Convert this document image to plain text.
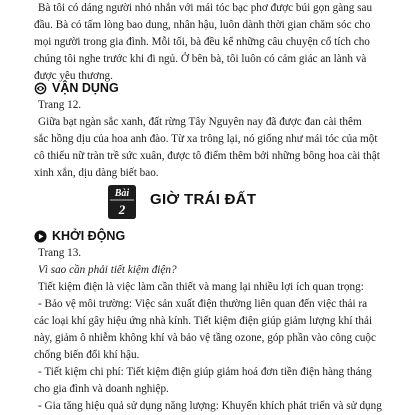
Bà tôi có dáng người nhỏ nhắn với mái tóc bạc phơ được búi gọn gàng sau
đầu. Bà có tấm lòng bao dung, nhân hậu, luôn dành thời gian chăm sóc cho
mọi người trong gia đình. Mỗi tối, bà đều kể những câu chuyện cổ tích cho
chúng tôi nghe trước khi đi ngủ. Ở bên bà, tôi luôn có cảm giác an lành và
được yêu thương.
VẬN DỤNG
Trang 12.
Giữa bạt ngàn sắc xanh, đất rừng Tây Nguyên nay đã được đan cài thêm
sắc hồng dịu của hoa anh đào. Từ xa trông lại, nó giống như mái tóc của một
cô thiếu nữ tràn trề sức xuân, được tô điểm thêm bởi những bông hoa cài thật
xinh xắn, dịu dàng biết bao.
Bài
2
GIỜ TRÁI ĐẤT
KHỞI ĐỘNG
Trang 13.
Vì sao cần phải tiết kiệm điện?
Tiết kiệm điện là việc làm cần thiết và mang lại nhiều lợi ích quan trọng:
- Bảo vệ môi trường: Việc sản xuất điện thường liên quan đến việc thải ra
các loại khí gây hiệu ứng nhà kính. Tiết kiệm điện giúp giảm lượng khí thải
này, giảm ô nhiễm không khí và bảo vệ tầng ozone, góp phần vào công cuộc
chống biến đổi khí hậu.
- Tiết kiệm chi phí: Tiết kiệm điện giúp giảm hoá đơn tiền điện hàng tháng
cho gia đình và doanh nghiệp.
- Gia tăng hiệu quả sử dụng năng lượng: Khuyến khích phát triển và sử dụng
